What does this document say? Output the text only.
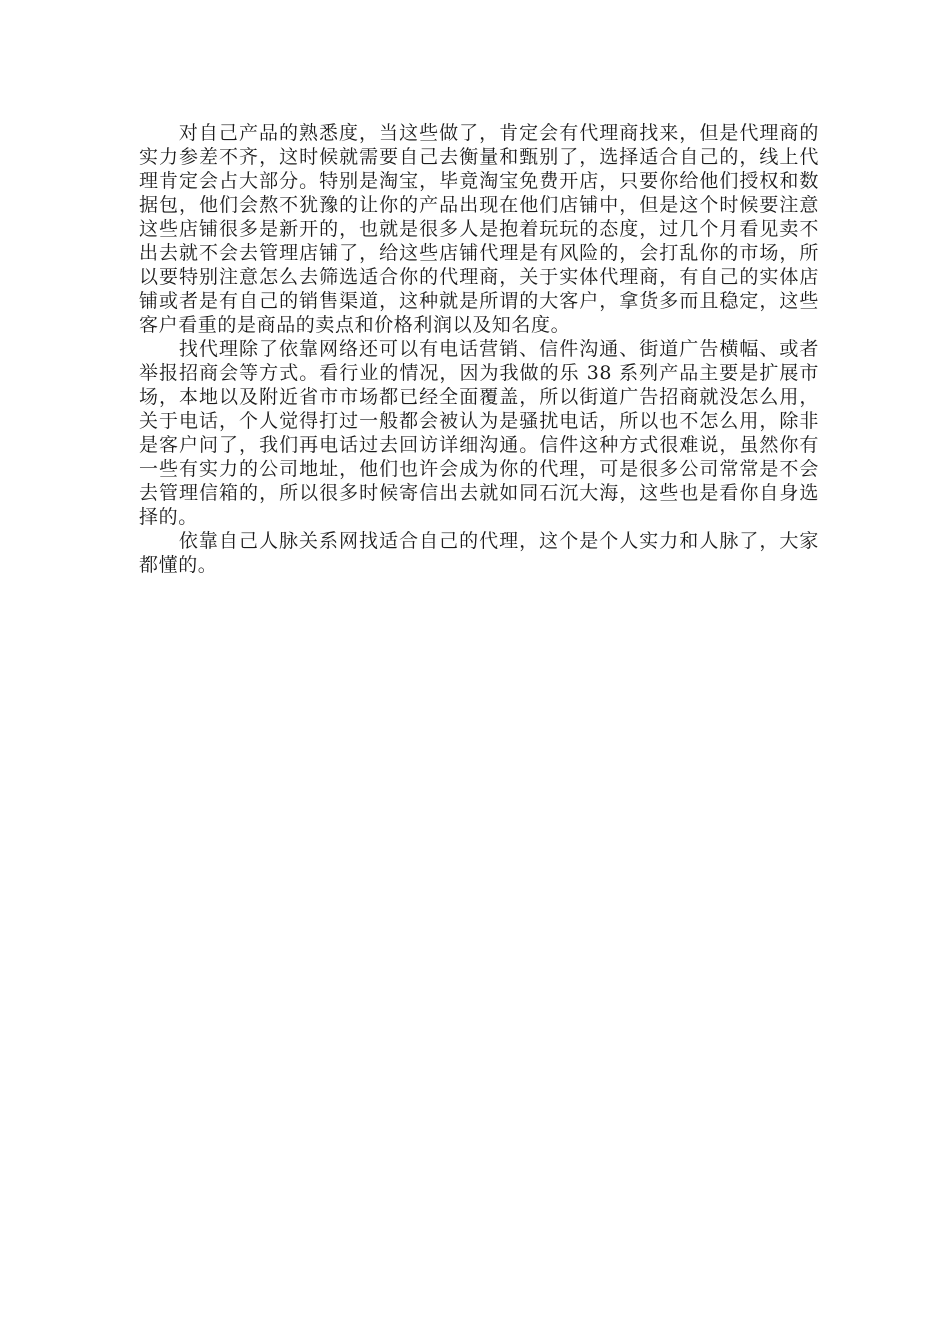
对自己产品的熟悉度，当这些做了，肯定会有代理商找来，但是代理商的实力参差不齐，这时候就需要自己去衡量和甄别了，选择适合自己的，线上代理肯定会占大部分。特别是淘宝，毕竟淘宝免费开店，只要你给他们授权和数据包，他们会熬不犹豫的让你的产品出现在他们店铺中，但是这个时候要注意这些店铺很多是新开的，也就是很多人是抱着玩玩的态度，过几个月看见卖不出去就不会去管理店铺了，给这些店铺代理是有风险的，会打乱你的市场，所以要特别注意怎么去筛选适合你的代理商，关于实体代理商，有自己的实体店铺或者是有自己的销售渠道，这种就是所谓的大客户，拿货多而且稳定，这些客户看重的是商品的卖点和价格利润以及知名度。

找代理除了依靠网络还可以有电话营销、信件沟通、街道广告横幅、或者举报招商会等方式。看行业的情况，因为我做的乐 38 系列产品主要是扩展市场，本地以及附近省市市场都已经全面覆盖，所以街道广告招商就没怎么用，关于电话，个人觉得打过一般都会被认为是骚扰电话，所以也不怎么用，除非是客户问了，我们再电话过去回访详细沟通。信件这种方式很难说，虽然你有一些有实力的公司地址，他们也许会成为你的代理，可是很多公司常常是不会去管理信箱的，所以很多时候寄信出去就如同石沉大海，这些也是看你自身选择的。

依靠自己人脉关系网找适合自己的代理，这个是个人实力和人脉了，大家都懂的。
